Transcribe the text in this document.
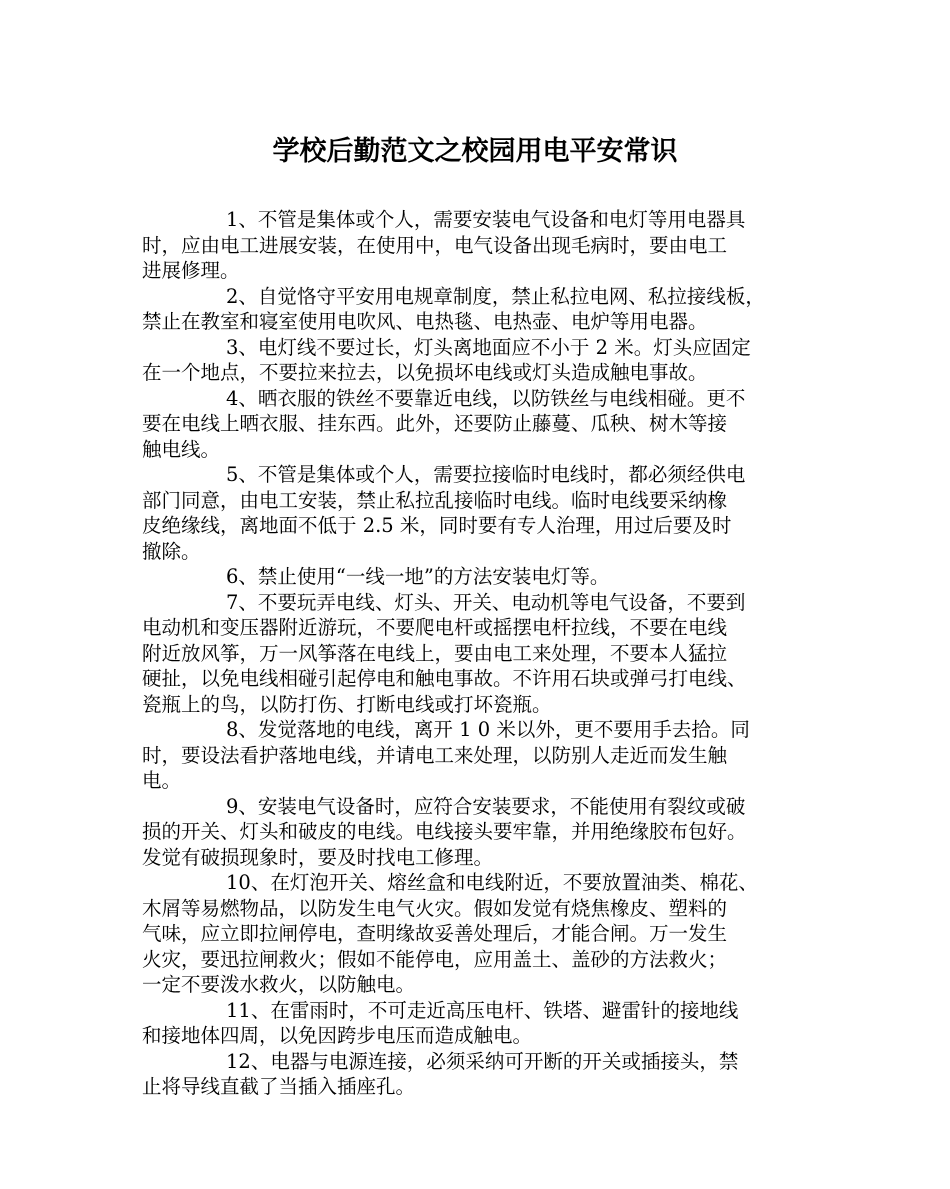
学校后勤范文之校园用电平安常识

1、不管是集体或个人，需要安装电气设备和电灯等用电器具
时，应由电工进展安装，在使用中，电气设备出现毛病时，要由电工
进展修理。

2、自觉恪守平安用电规章制度，禁止私拉电网、私拉接线板，
禁止在教室和寝室使用电吹风、电热毯、电热壶、电炉等用电器。

3、电灯线不要过长，灯头离地面应不小于 2 米。灯头应固定
在一个地点，不要拉来拉去，以免损坏电线或灯头造成触电事故。

4、晒衣服的铁丝不要靠近电线，以防铁丝与电线相碰。更不
要在电线上晒衣服、挂东西。此外，还要防止藤蔓、瓜秧、树木等接
触电线。

5、不管是集体或个人，需要拉接临时电线时，都必须经供电
部门同意，由电工安装，禁止私拉乱接临时电线。临时电线要采纳橡
皮绝缘线，离地面不低于 2.5 米，同时要有专人治理，用过后要及时
撤除。

6、禁止使用“一线一地”的方法安装电灯等。

7、不要玩弄电线、灯头、开关、电动机等电气设备，不要到
电动机和变压器附近游玩，不要爬电杆或摇摆电杆拉线，不要在电线
附近放风筝，万一风筝落在电线上，要由电工来处理，不要本人猛拉
硬扯，以免电线相碰引起停电和触电事故。不许用石块或弹弓打电线、
瓷瓶上的鸟，以防打伤、打断电线或打坏瓷瓶。

8、发觉落地的电线，离开 1 0 米以外，更不要用手去拾。同
时，要设法看护落地电线，并请电工来处理，以防别人走近而发生触
电。

9、安装电气设备时，应符合安装要求，不能使用有裂纹或破
损的开关、灯头和破皮的电线。电线接头要牢靠，并用绝缘胶布包好。
发觉有破损现象时，要及时找电工修理。

10、在灯泡开关、熔丝盒和电线附近，不要放置油类、棉花、
木屑等易燃物品，以防发生电气火灾。假如发觉有烧焦橡皮、塑料的
气味，应立即拉闸停电，查明缘故妥善处理后，才能合闸。万一发生
火灾，要迅拉闸救火；假如不能停电，应用盖土、盖砂的方法救火；
一定不要泼水救火，以防触电。

11、在雷雨时，不可走近高压电杆、铁塔、避雷针的接地线
和接地体四周，以免因跨步电压而造成触电。

12、电器与电源连接，必须采纳可开断的开关或插接头，禁
止将导线直截了当插入插座孔。
